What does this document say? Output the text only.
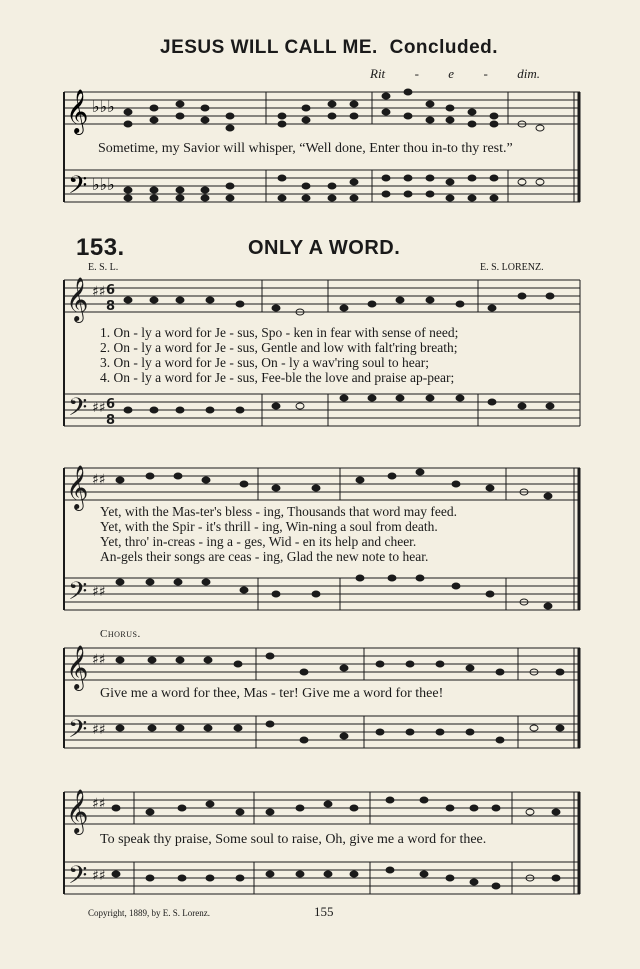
JESUS WILL CALL ME. Concluded.
Rit - e - dim.
𝄞
𝄢
♭♭♭
♭♭♭
Sometime, my Savior will whisper, “Well done, Enter thou in-to thy rest.”
153.	ONLY A WORD.
E. S. L.	E. S. LORENZ.
𝄞
𝄢
♯♯
♯♯
6
8
6
8
𝄞
𝄢
♯♯
♯♯
𝄞
𝄢
♯♯
♯♯
𝄞
𝄢
♯♯
♯♯
1. On - ly a word for Je - sus, Spo - ken in fear with sense of need;
2. On - ly a word for Je - sus, Gentle and low with falt'ring breath;
3. On - ly a word for Je - sus, On - ly a wav'ring soul to hear;
4. On - ly a word for Je - sus, Fee-ble the love and praise ap-pear;
Yet, with the Mas-ter's bless - ing, Thousands that word may feed.
Yet, with the Spir - it's thrill - ing, Win-ning a soul from death.
Yet, thro' in-creas - ing a - ges, Wid - en its help and cheer.
An-gels their songs are ceas - ing, Glad the new note to hear.
Chorus.
Give me a word for thee, Mas - ter! Give me a word for thee!
To speak thy praise, Some soul to raise, Oh, give me a word for thee.
Copyright, 1889, by E. S. Lorenz.	155
